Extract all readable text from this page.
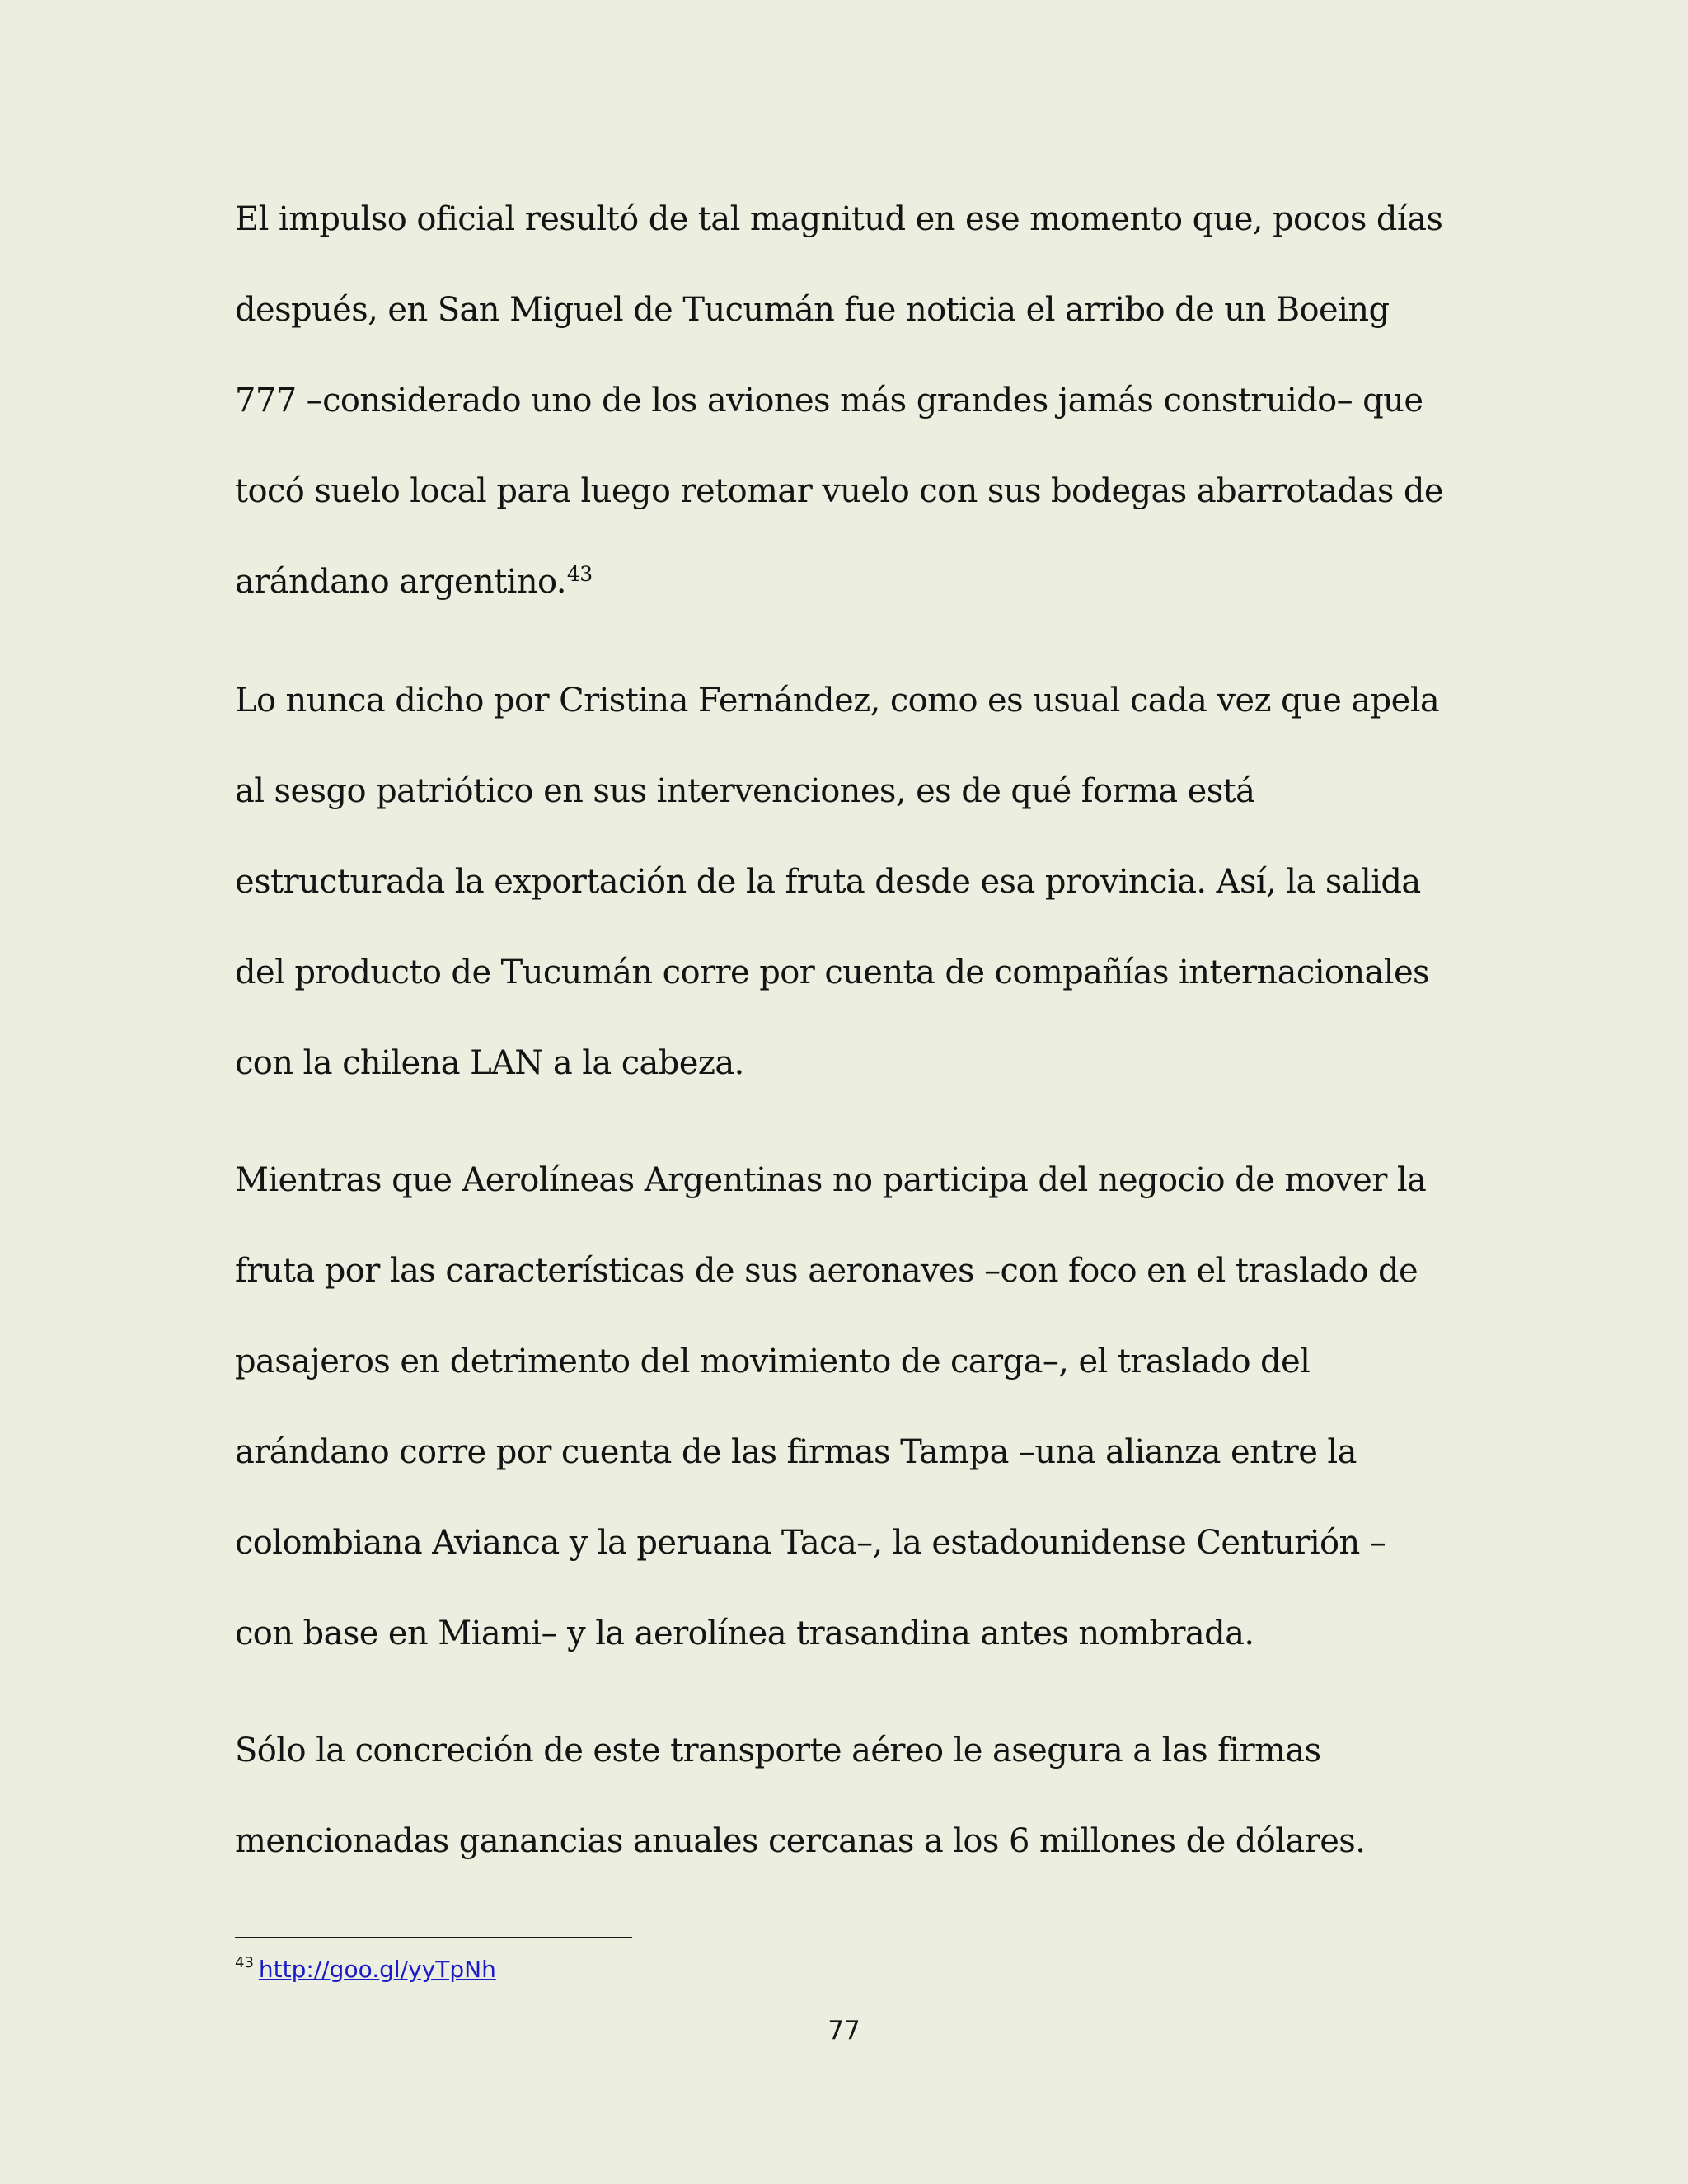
El impulso oficial resultó de tal magnitud en ese momento que, pocos días
después, en San Miguel de Tucumán fue noticia el arribo de un Boeing
777 –considerado uno de los aviones más grandes jamás construido– que
tocó suelo local para luego retomar vuelo con sus bodegas abarrotadas de
arándano argentino.$^{43}$
Lo nunca dicho por Cristina Fernández, como es usual cada vez que apela
al sesgo patriótico en sus intervenciones, es de qué forma está
estructurada la exportación de la fruta desde esa provincia. Así, la salida
del producto de Tucumán corre por cuenta de compañías internacionales
con la chilena LAN a la cabeza.
Mientras que Aerolíneas Argentinas no participa del negocio de mover la
fruta por las características de sus aeronaves –con foco en el traslado de
pasajeros en detrimento del movimiento de carga–, el traslado del
arándano corre por cuenta de las firmas Tampa –una alianza entre la
colombiana Avianca y la peruana Taca–, la estadounidense Centurión –
con base en Miami– y la aerolínea trasandina antes nombrada.
Sólo la concreción de este transporte aéreo le asegura a las firmas
mencionadas ganancias anuales cercanas a los 6 millones de dólares.
$^{43}$ http://goo.gl/yyTpNh
77
